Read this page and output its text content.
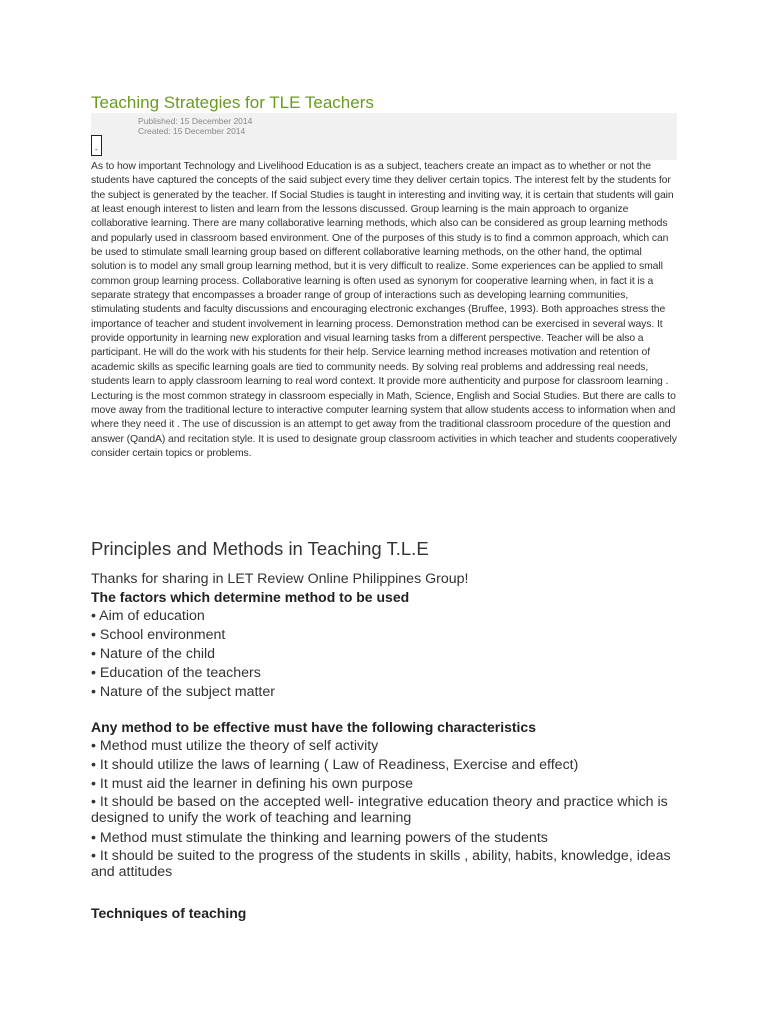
Teaching Strategies for TLE Teachers
Published: 15 December 2014
Created: 15 December 2014
-

As to how important Technology and Livelihood Education is as a subject, teachers create an impact as to whether or not the students have captured the concepts of the said subject every time they deliver certain topics. The interest felt by the students for the subject is generated by the teacher. If Social Studies is taught in interesting and inviting way, it is certain that students will gain at least enough interest to listen and learn from the lessons discussed. Group learning is the main approach to organize collaborative learning. There are many collaborative learning methods, which also can be considered as group learning methods and popularly used in classroom based environment. One of the purposes of this study is to find a common approach, which can be used to stimulate small learning group based on different collaborative learning methods, on the other hand, the optimal solution is to model any small group learning method, but it is very difficult to realize. Some experiences can be applied to small common group learning process. Collaborative learning is often used as synonym for cooperative learning when, in fact it is a separate strategy that encompasses a broader range of group of interactions such as developing learning communities, stimulating students and faculty discussions and encouraging electronic exchanges (Bruffee, 1993). Both approaches stress the importance of teacher and student involvement in learning process. Demonstration method can be exercised in several ways. It provide opportunity in learning new exploration and visual learning tasks from a different perspective. Teacher will be also a participant. He will do the work with his students for their help. Service learning method increases motivation and retention of academic skills as specific learning goals are tied to community needs. By solving real problems and addressing real needs, students learn to apply classroom learning to real word context. It provide more authenticity and purpose for classroom learning . Lecturing is the most common strategy in classroom especially in Math, Science, English and Social Studies. But there are calls to move away from the traditional lecture to interactive computer learning system that allow students access to information when and where they need it . The use of discussion is an attempt to get away from the traditional classroom procedure of the question and answer (QandA) and recitation style. It is used to designate group classroom activities in which teacher and students cooperatively consider certain topics or problems.

Principles and Methods in Teaching T.L.E

Thanks for sharing in LET Review Online Philippines Group!

The factors which determine method to be used
• Aim of education
• School environment
• Nature of the child
• Education of the teachers
• Nature of the subject matter
Any method to be effective must have the following characteristics
• Method must utilize the theory of self activity
• It should utilize the laws of learning ( Law of Readiness, Exercise and effect)
• It must aid the learner in defining his own purpose
• It should be based on the accepted well- integrative education theory and practice which is designed to unify the work of teaching and learning
• Method must stimulate the thinking and learning powers of the students
• It should be suited to the progress of the students in skills , ability, habits, knowledge, ideas and attitudes
Techniques of teaching
